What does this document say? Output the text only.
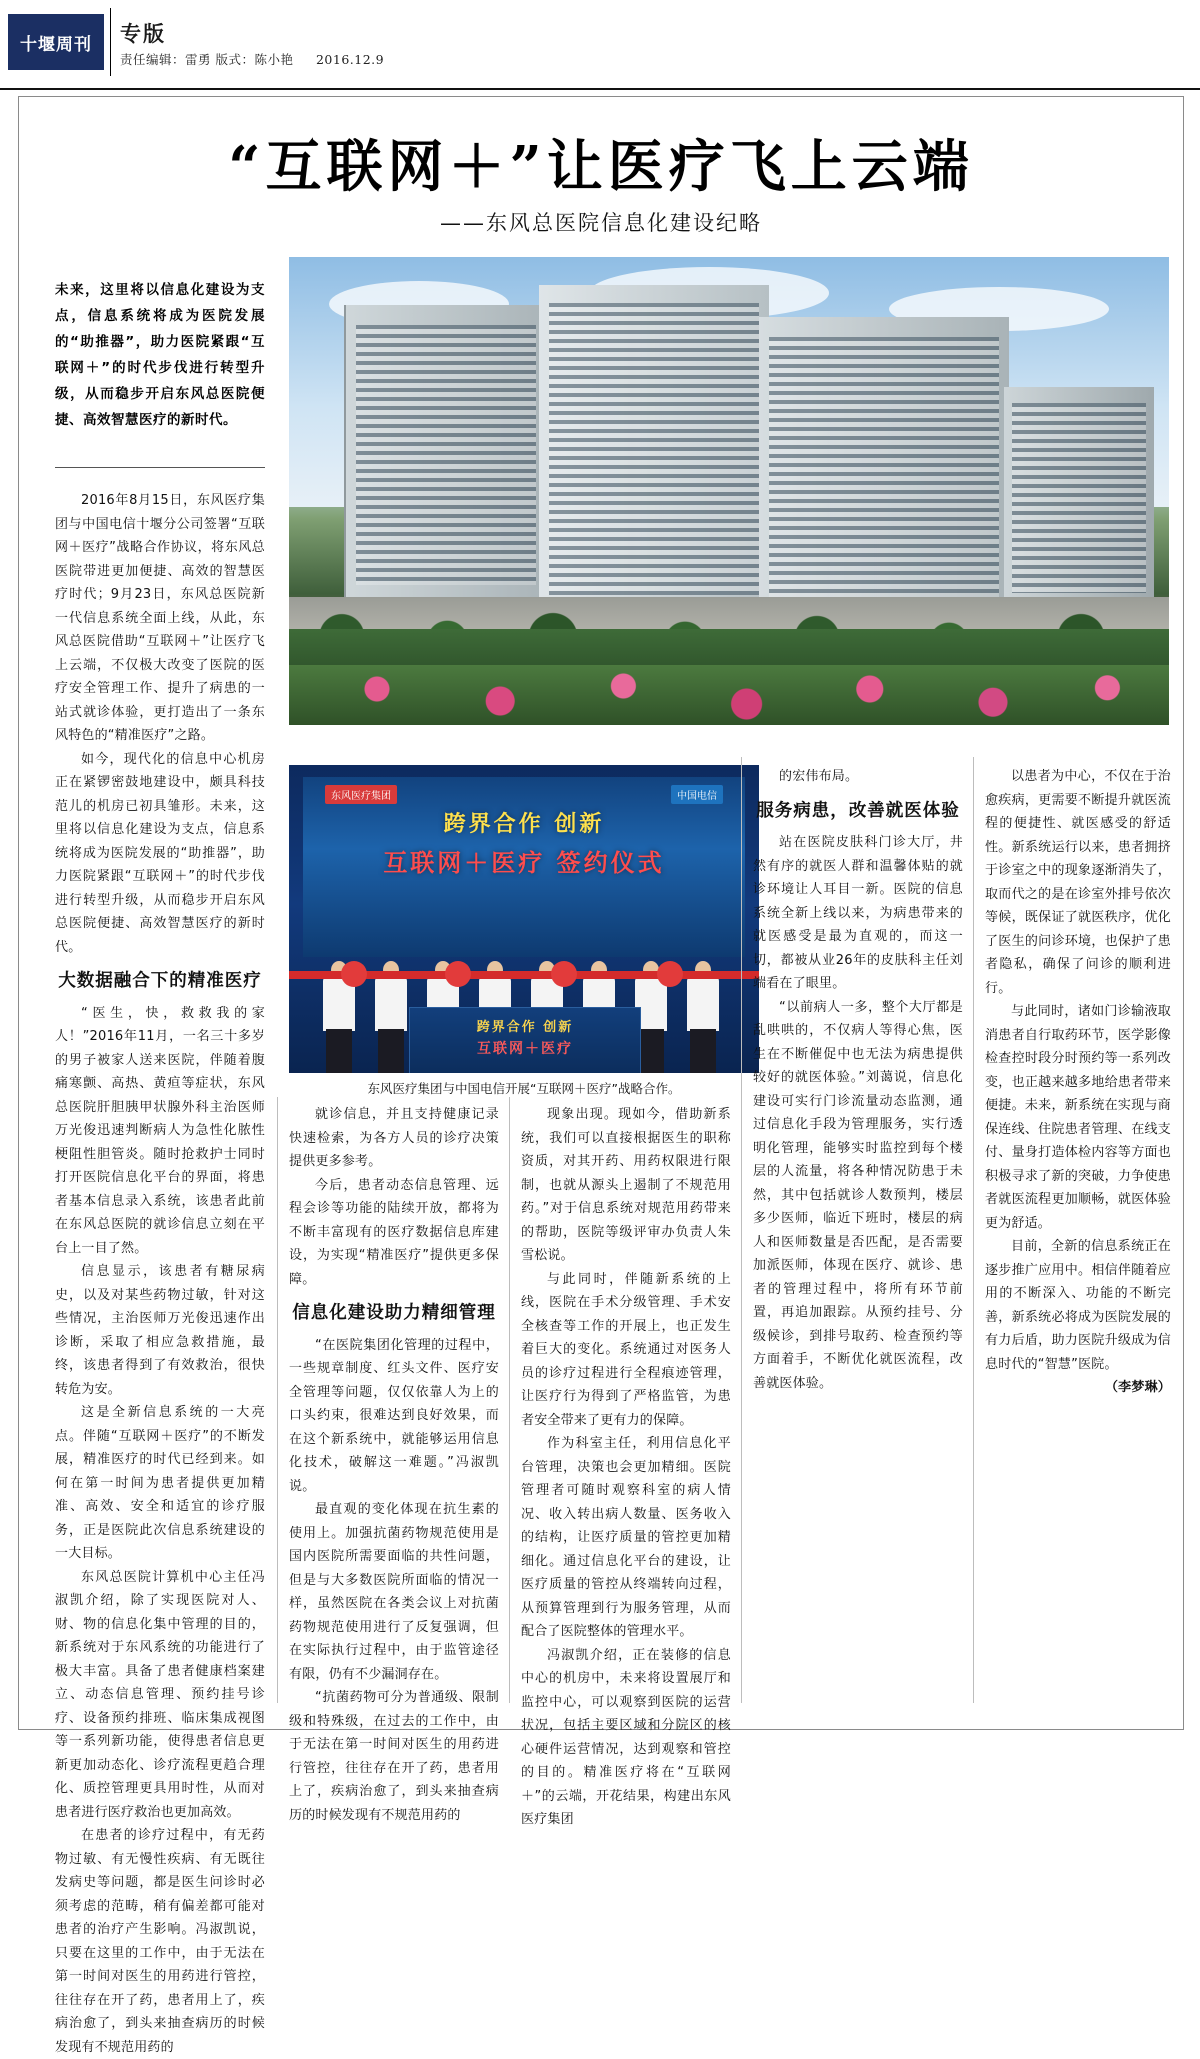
十堰周刊 专版
责任编辑：雷勇 版式：陈小艳 2016.12.9
“互联网＋”让医疗飞上云端
——东风总医院信息化建设纪略
未来，这里将以信息化建设为支点，信息系统将成为医院发展的“助推器”，助力医院紧跟“互联网＋”的时代步伐进行转型升级，从而稳步开启东风总医院便捷、高效智慧医疗的新时代。
东风医疗集团	中国电信
跨界合作 创新
互联网＋医疗 签约仪式
跨界合作 创新
互联网＋医疗
东风医疗集团与中国电信开展“互联网＋医疗”战略合作。

2016年8月15日，东风医疗集团与中国电信十堰分公司签署“互联网＋医疗”战略合作协议，将东风总医院带进更加便捷、高效的智慧医疗时代；9月23日，东风总医院新一代信息系统全面上线，从此，东风总医院借助“互联网＋”让医疗飞上云端，不仅极大改变了医院的医疗安全管理工作、提升了病患的一站式就诊体验，更打造出了一条东风特色的“精准医疗”之路。

如今，现代化的信息中心机房正在紧锣密鼓地建设中，颇具科技范儿的机房已初具雏形。未来，这里将以信息化建设为支点，信息系统将成为医院发展的“助推器”，助力医院紧跟“互联网＋”的时代步伐进行转型升级，从而稳步开启东风总医院便捷、高效智慧医疗的新时代。

大数据融合下的精准医疗

“医生，快，救救我的家人！”2016年11月，一名三十多岁的男子被家人送来医院，伴随着腹痛寒颤、高热、黄疸等症状，东风总医院肝胆胰甲状腺外科主治医师万光俊迅速判断病人为急性化脓性梗阻性胆管炎。随时抢救护士同时打开医院信息化平台的界面，将患者基本信息录入系统，该患者此前在东风总医院的就诊信息立刻在平台上一目了然。

信息显示，该患者有糖尿病史，以及对某些药物过敏，针对这些情况，主治医师万光俊迅速作出诊断，采取了相应急救措施，最终，该患者得到了有效救治，很快转危为安。

这是全新信息系统的一大亮点。伴随“互联网＋医疗”的不断发展，精准医疗的时代已经到来。如何在第一时间为患者提供更加精准、高效、安全和适宜的诊疗服务，正是医院此次信息系统建设的一大目标。

东风总医院计算机中心主任冯淑凯介绍，除了实现医院对人、财、物的信息化集中管理的目的，新系统对于东风系统的功能进行了极大丰富。具备了患者健康档案建立、动态信息管理、预约挂号诊疗、设备预约排班、临床集成视图等一系列新功能，使得患者信息更新更加动态化、诊疗流程更趋合理化、质控管理更具用时性，从而对患者进行医疗救治也更加高效。

在患者的诊疗过程中，有无药物过敏、有无慢性疾病、有无既往发病史等问题，都是医生问诊时必须考虑的范畴，稍有偏差都可能对患者的治疗产生影响。冯淑凯说，只要在这里的工作中，由于无法在第一时间对医生的用药进行管控，往往存在开了药，患者用上了，疾病治愈了，到头来抽查病历的时候发现有不规范用药的

就诊信息，并且支持健康记录快速检索，为各方人员的诊疗决策提供更多参考。

今后，患者动态信息管理、远程会诊等功能的陆续开放，都将为不断丰富现有的医疗数据信息库建设，为实现“精准医疗”提供更多保障。

信息化建设助力精细管理

“在医院集团化管理的过程中，一些规章制度、红头文件、医疗安全管理等问题，仅仅依靠人为上的口头约束，很难达到良好效果，而在这个新系统中，就能够运用信息化技术，破解这一难题。”冯淑凯说。

最直观的变化体现在抗生素的使用上。加强抗菌药物规范使用是国内医院所需要面临的共性问题，但是与大多数医院所面临的情况一样，虽然医院在各类会议上对抗菌药物规范使用进行了反复强调，但在实际执行过程中，由于监管途径有限，仍有不少漏洞存在。

“抗菌药物可分为普通级、限制级和特殊级，在过去的工作中，由于无法在第一时间对医生的用药进行管控，往往存在开了药，患者用上了，疾病治愈了，到头来抽查病历的时候发现有不规范用药的

现象出现。现如今，借助新系统，我们可以直接根据医生的职称资质，对其开药、用药权限进行限制，也就从源头上遏制了不规范用药。”对于信息系统对规范用药带来的帮助，医院等级评审办负责人朱雪松说。

与此同时，伴随新系统的上线，医院在手术分级管理、手术安全核查等工作的开展上，也正发生着巨大的变化。系统通过对医务人员的诊疗过程进行全程痕迹管理，让医疗行为得到了严格监管，为患者安全带来了更有力的保障。

作为科室主任，利用信息化平台管理，决策也会更加精细。医院管理者可随时观察科室的病人情况、收入转出病人数量、医务收入的结构，让医疗质量的管控更加精细化。通过信息化平台的建设，让医疗质量的管控从终端转向过程，从预算管理到行为服务管理，从而配合了医院整体的管理水平。

冯淑凯介绍，正在装修的信息中心的机房中，未来将设置展厅和监控中心，可以观察到医院的运营状况，包括主要区域和分院区的核心硬件运营情况，达到观察和管控的目的。精准医疗将在“互联网＋”的云端，开花结果，构建出东风医疗集团

的宏伟布局。

服务病患，改善就医体验

站在医院皮肤科门诊大厅，井然有序的就医人群和温馨体贴的就诊环境让人耳目一新。医院的信息系统全新上线以来，为病患带来的就医感受是最为直观的，而这一切，都被从业26年的皮肤科主任刘端看在了眼里。

“以前病人一多，整个大厅都是乱哄哄的，不仅病人等得心焦，医生在不断催促中也无法为病患提供较好的就医体验。”刘蔼说，信息化建设可实行门诊流量动态监测，通过信息化手段为管理服务，实行透明化管理，能够实时监控到每个楼层的人流量，将各种情况防患于未然，其中包括就诊人数预判，楼层多少医师，临近下班时，楼层的病人和医师数量是否匹配，是否需要加派医师，体现在医疗、就诊、患者的管理过程中，将所有环节前置，再追加跟踪。从预约挂号、分级候诊，到排号取药、检查预约等方面着手，不断优化就医流程，改善就医体验。

以患者为中心，不仅在于治愈疾病，更需要不断提升就医流程的便捷性、就医感受的舒适性。新系统运行以来，患者拥挤于诊室之中的现象逐渐消失了，取而代之的是在诊室外排号依次等候，既保证了就医秩序，优化了医生的问诊环境，也保护了患者隐私，确保了问诊的顺利进行。

与此同时，诸如门诊输液取消患者自行取药环节，医学影像检查控时段分时预约等一系列改变，也正越来越多地给患者带来便捷。未来，新系统在实现与商保连线、住院患者管理、在线支付、量身打造体检内容等方面也积极寻求了新的突破，力争使患者就医流程更加顺畅，就医体验更为舒适。

目前，全新的信息系统正在逐步推广应用中。相信伴随着应用的不断深入、功能的不断完善，新系统必将成为医院发展的有力后盾，助力医院升级成为信息时代的“智慧”医院。

（李梦琳）
